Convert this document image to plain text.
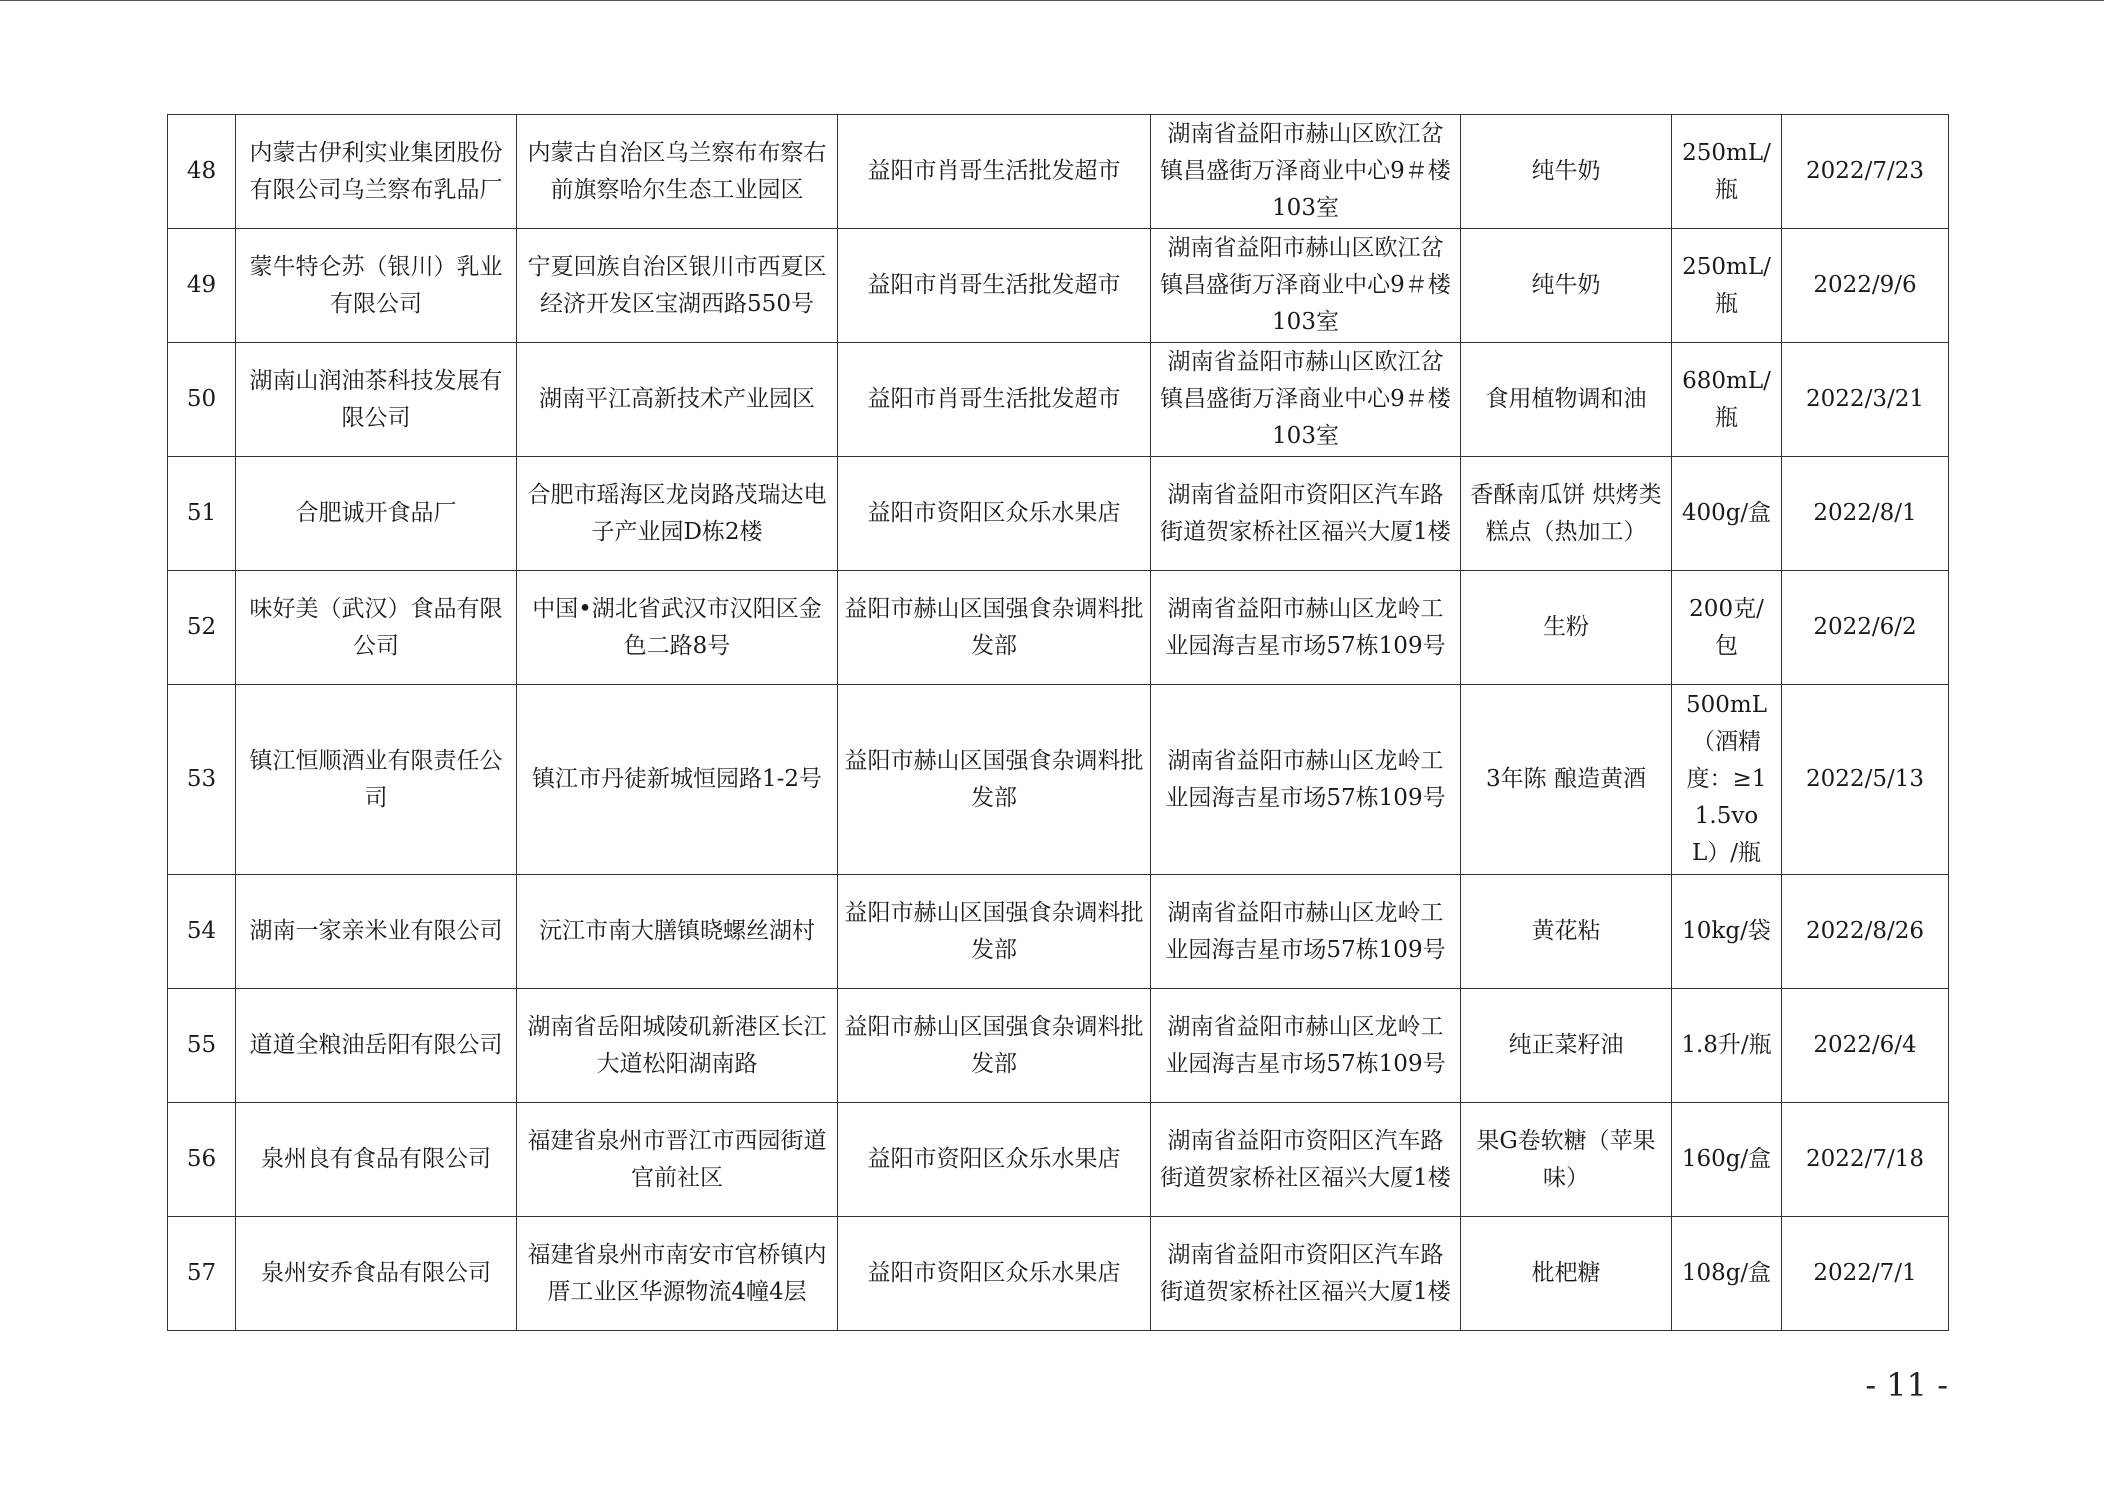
48	内蒙古伊利实业集团股份有限公司乌兰察布乳品厂	内蒙古自治区乌兰察布布察右前旗察哈尔生态工业园区	益阳市肖哥生活批发超市	湖南省益阳市赫山区欧江岔镇昌盛街万泽商业中心9＃楼103室	纯牛奶	250mL/瓶	2022/7/23
49	蒙牛特仑苏（银川）乳业有限公司	宁夏回族自治区银川市西夏区经济开发区宝湖西路550号	益阳市肖哥生活批发超市	湖南省益阳市赫山区欧江岔镇昌盛街万泽商业中心9＃楼103室	纯牛奶	250mL/瓶	2022/9/6
50	湖南山润油茶科技发展有限公司	湖南平江高新技术产业园区	益阳市肖哥生活批发超市	湖南省益阳市赫山区欧江岔镇昌盛街万泽商业中心9＃楼103室	食用植物调和油	680mL/瓶	2022/3/21
51	合肥诚开食品厂	合肥市瑶海区龙岗路茂瑞达电子产业园D栋2楼	益阳市资阳区众乐水果店	湖南省益阳市资阳区汽车路街道贺家桥社区福兴大厦1楼	香酥南瓜饼 烘烤类糕点（热加工）	400g/盒	2022/8/1
52	味好美（武汉）食品有限公司	中国•湖北省武汉市汉阳区金色二路8号	益阳市赫山区国强食杂调料批发部	湖南省益阳市赫山区龙岭工业园海吉星市场57栋109号	生粉	200克/包	2022/6/2
53	镇江恒顺酒业有限责任公司	镇江市丹徒新城恒园路1-2号	益阳市赫山区国强食杂调料批发部	湖南省益阳市赫山区龙岭工业园海吉星市场57栋109号	3年陈 酿造黄酒	500mL（酒精度：≥11.5voL）/瓶	2022/5/13
54	湖南一家亲米业有限公司	沅江市南大膳镇晓螺丝湖村	益阳市赫山区国强食杂调料批发部	湖南省益阳市赫山区龙岭工业园海吉星市场57栋109号	黄花粘	10kg/袋	2022/8/26
55	道道全粮油岳阳有限公司	湖南省岳阳城陵矶新港区长江大道松阳湖南路	益阳市赫山区国强食杂调料批发部	湖南省益阳市赫山区龙岭工业园海吉星市场57栋109号	纯正菜籽油	1.8升/瓶	2022/6/4
56	泉州良有食品有限公司	福建省泉州市晋江市西园街道官前社区	益阳市资阳区众乐水果店	湖南省益阳市资阳区汽车路街道贺家桥社区福兴大厦1楼	果G卷软糖（苹果味）	160g/盒	2022/7/18
57	泉州安乔食品有限公司	福建省泉州市南安市官桥镇内厝工业区华源物流4幢4层	益阳市资阳区众乐水果店	湖南省益阳市资阳区汽车路街道贺家桥社区福兴大厦1楼	枇杷糖	108g/盒	2022/7/1
- 11 -
